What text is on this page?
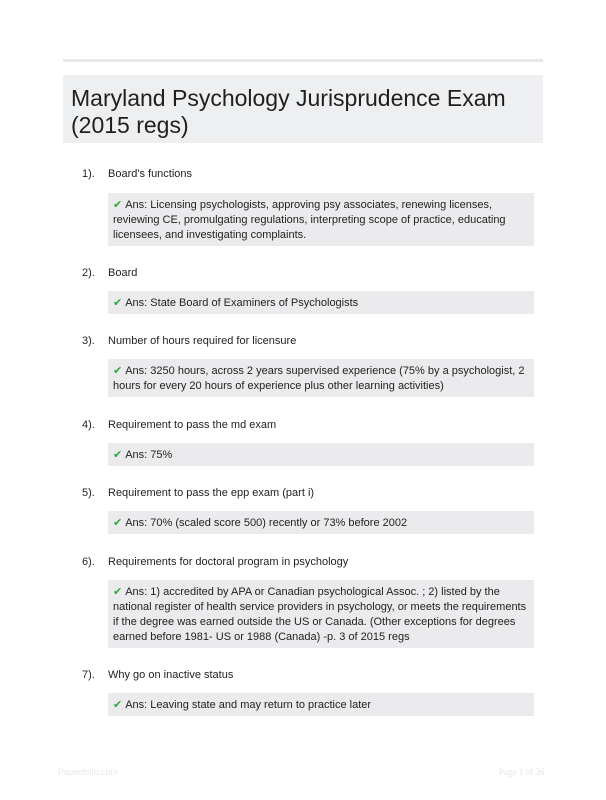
Maryland Psychology Jurisprudence Exam (2015 regs)
1). Board's functions
✔ Ans: Licensing psychologists, approving psy associates, renewing licenses, reviewing CE, promulgating regulations, interpreting scope of practice, educating licensees, and investigating complaints.
2). Board
✔ Ans: State Board of Examiners of Psychologists
3). Number of hours required for licensure
✔ Ans: 3250 hours, across 2 years supervised experience (75% by a psychologist, 2 hours for every 20 hours of experience plus other learning activities)
4). Requirement to pass the md exam
✔ Ans: 75%
5). Requirement to pass the epp exam (part i)
✔ Ans: 70% (scaled score 500) recently or 73% before 2002
6). Requirements for doctoral program in psychology
✔ Ans: 1) accredited by APA or Canadian psychological Assoc. ; 2) listed by the national register of health service providers in psychology, or meets the requirements if the degree was earned outside the US or Canada. (Other exceptions for degrees earned before 1981- US or 1988 (Canada) -p. 3 of 2015 regs
7). Why go on inactive status
✔ Ans: Leaving state and may return to practice later
Paperfolio.com	Page 1 of 36
